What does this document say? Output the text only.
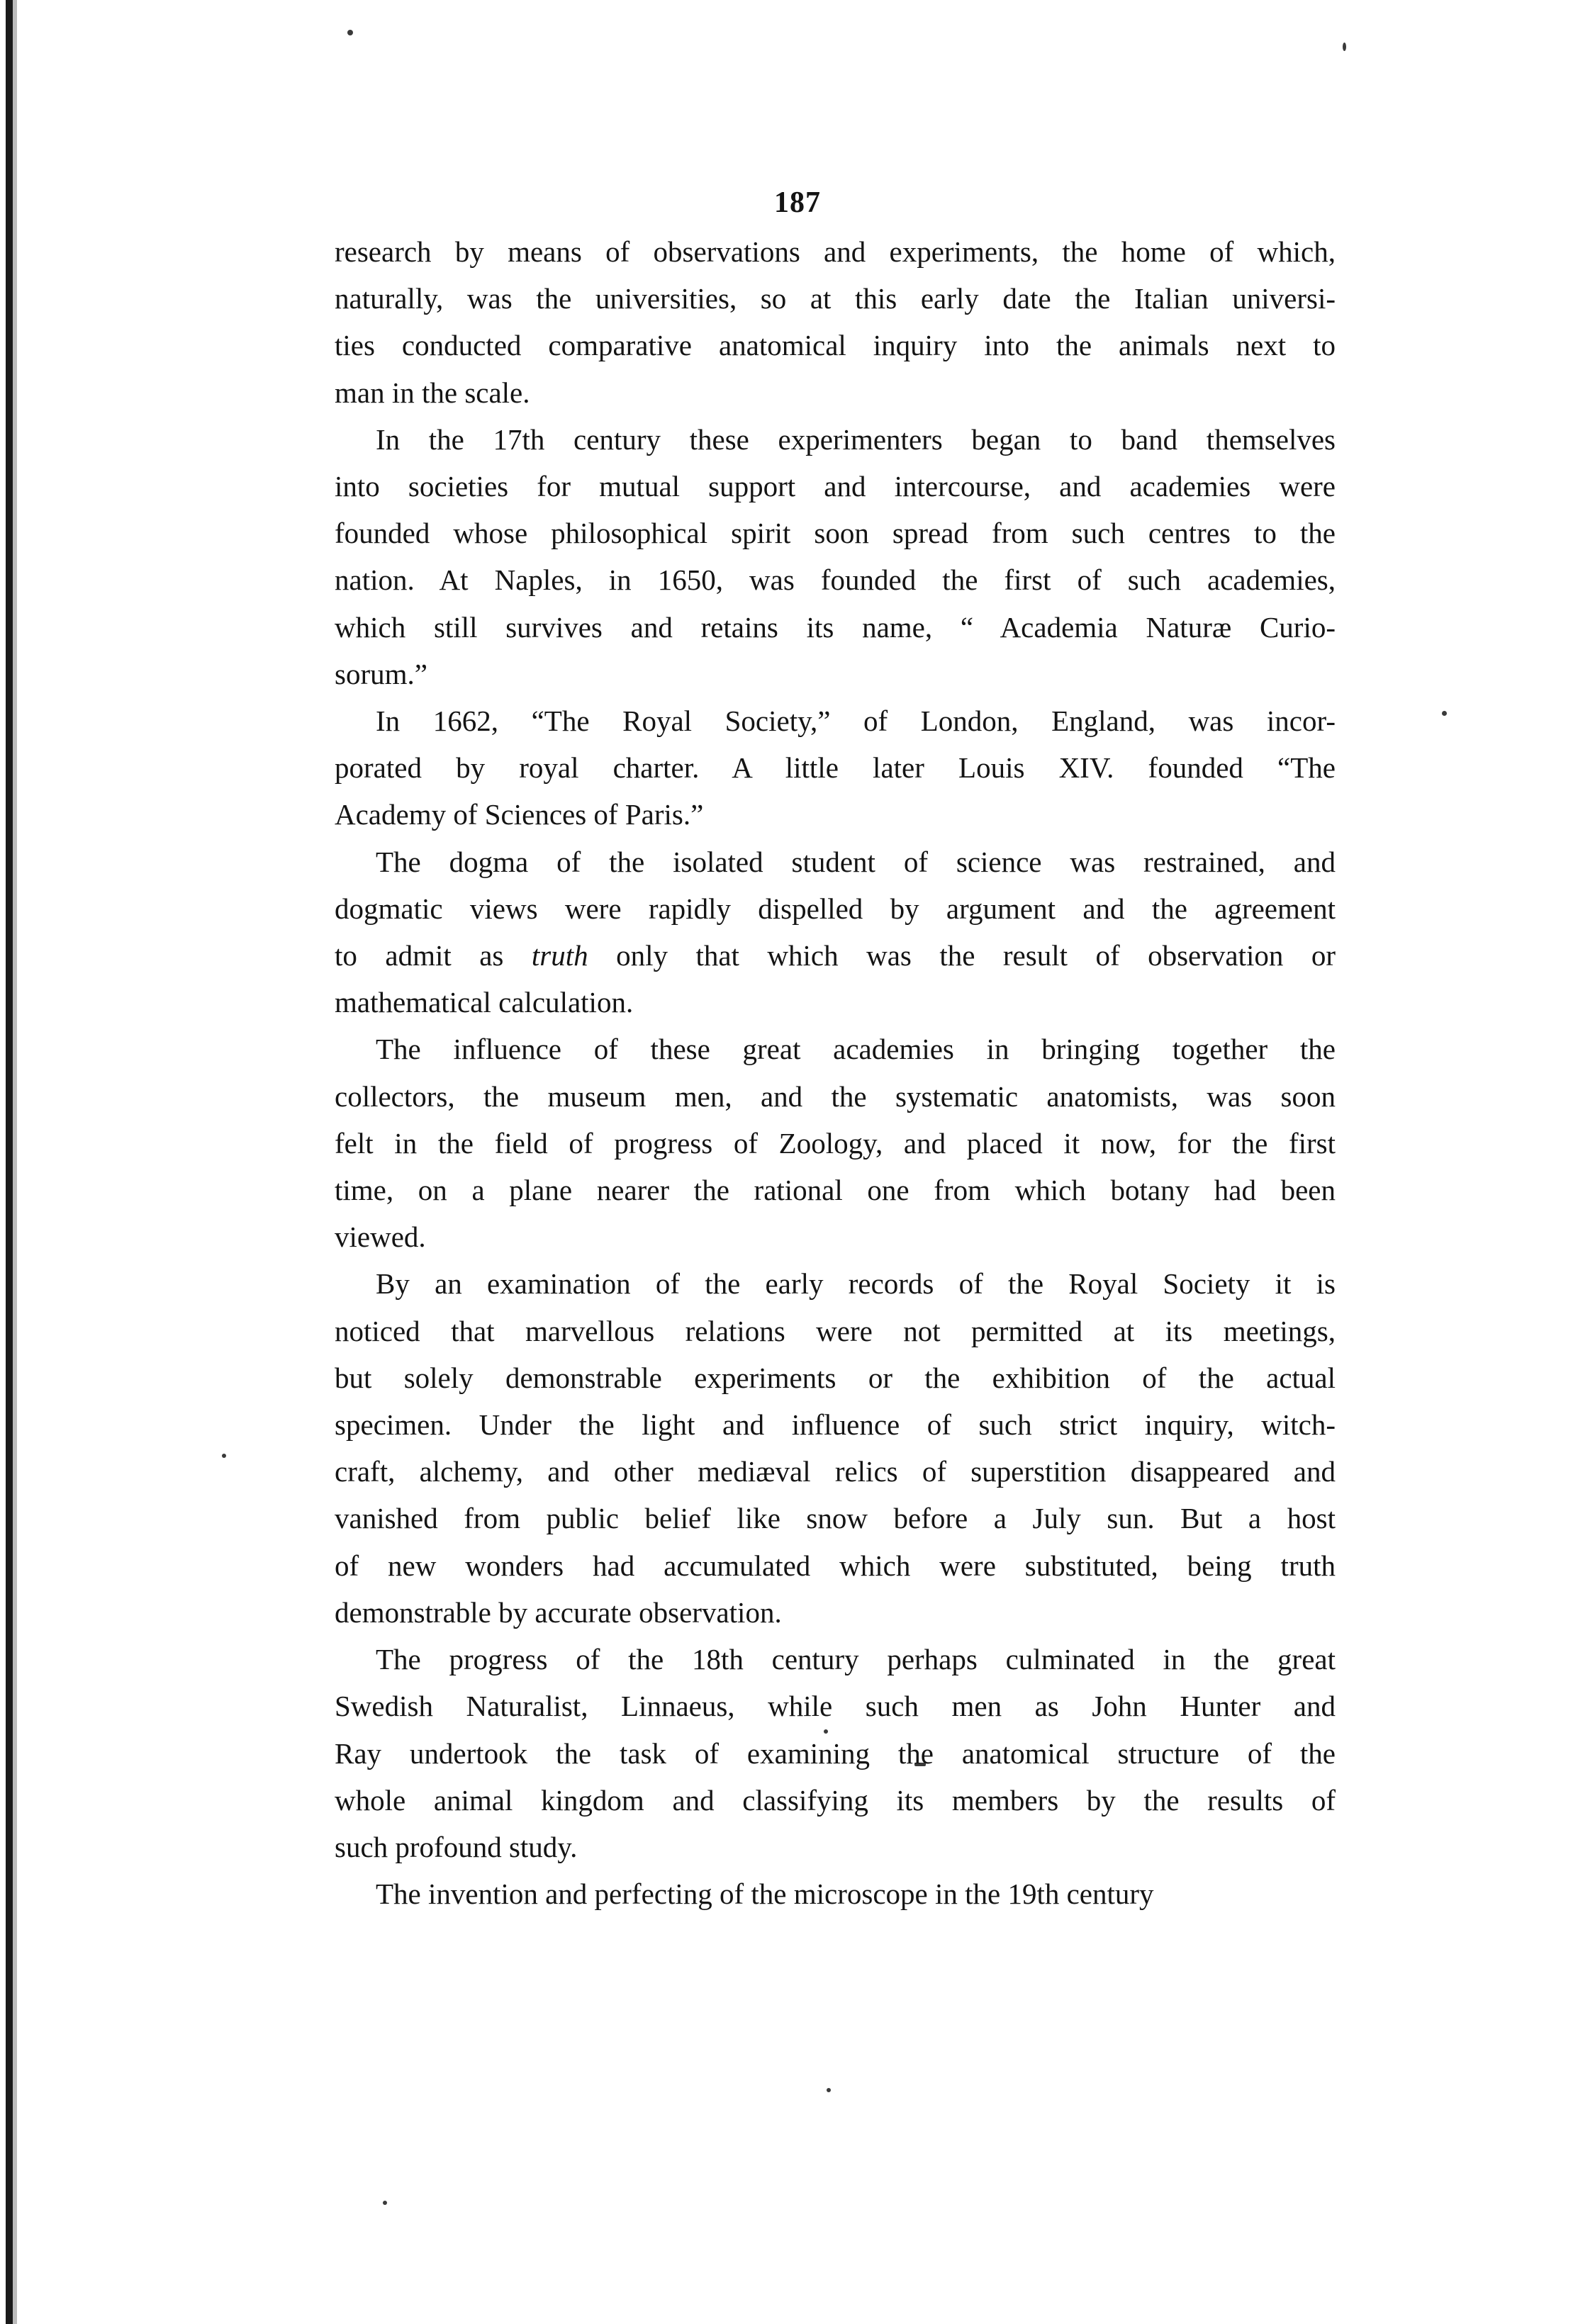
187
research by means of observations and experiments, the home of which,
naturally, was the universities, so at this early date the Italian universi-
ties conducted comparative anatomical inquiry into the animals next to
man in the scale.
In the 17th century these experimenters began to band themselves
into societies for mutual support and intercourse, and academies were
founded whose philosophical spirit soon spread from such centres to the
nation. At Naples, in 1650, was founded the first of such academies,
which still survives and retains its name, “ Academia Naturæ Curio-
sorum.”
In 1662, “The Royal Society,” of London, England, was incor-
porated by royal charter. A little later Louis XIV. founded “The
Academy of Sciences of Paris.”
The dogma of the isolated student of science was restrained, and
dogmatic views were rapidly dispelled by argument and the agreement
to admit as truth only that which was the result of observation or
mathematical calculation.
The influence of these great academies in bringing together the
collectors, the museum men, and the systematic anatomists, was soon
felt in the field of progress of Zoology, and placed it now, for the first
time, on a plane nearer the rational one from which botany had been
viewed.
By an examination of the early records of the Royal Society it is
noticed that marvellous relations were not permitted at its meetings,
but solely demonstrable experiments or the exhibition of the actual
specimen. Under the light and influence of such strict inquiry, witch-
craft, alchemy, and other mediæval relics of superstition disappeared and
vanished from public belief like snow before a July sun. But a host
of new wonders had accumulated which were substituted, being truth
demonstrable by accurate observation.
The progress of the 18th century perhaps culminated in the great
Swedish Naturalist, Linnaeus, while such men as John Hunter and
Ray undertook the task of examining the anatomical structure of the
whole animal kingdom and classifying its members by the results of
such profound study.
The invention and perfecting of the microscope in the 19th century
